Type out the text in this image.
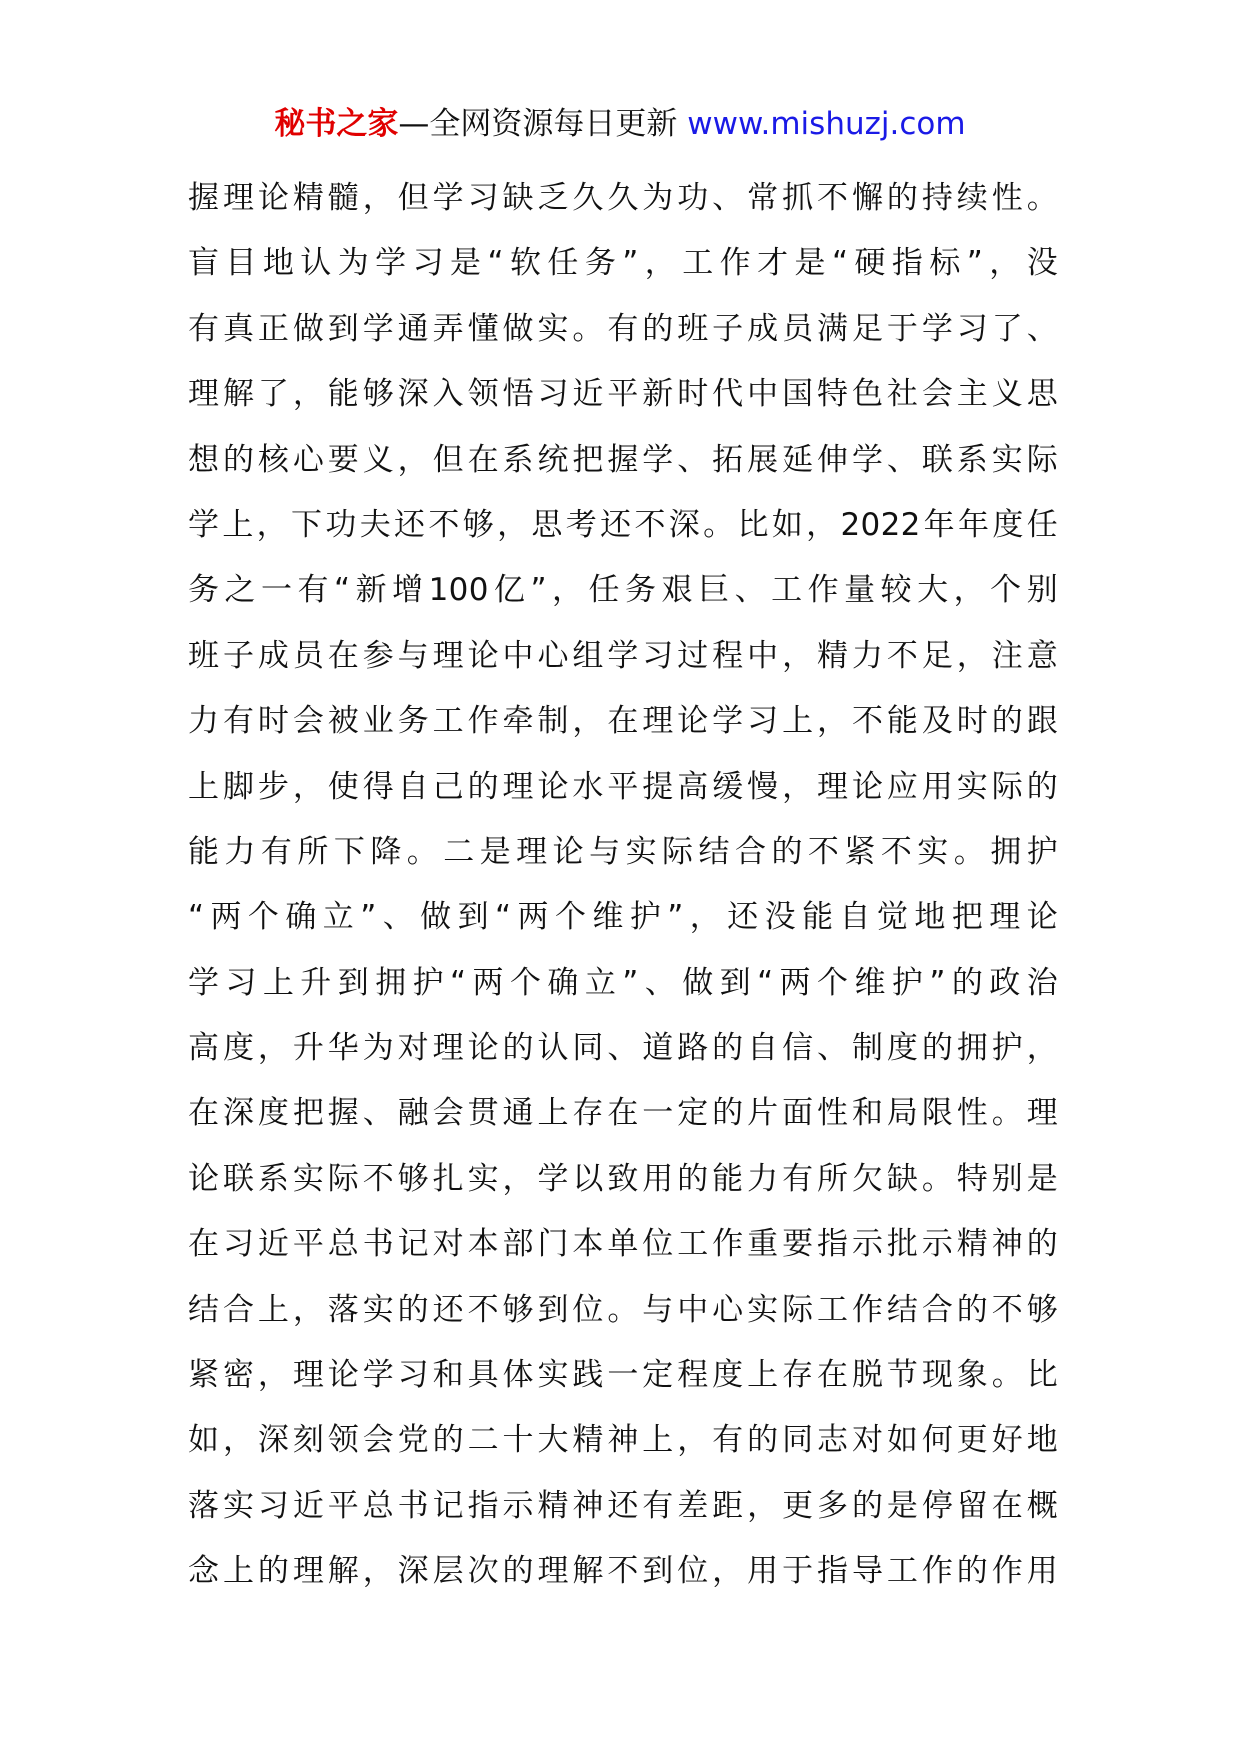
秘书之家—全网资源每日更新 www.mishuzj.com
握理论精髓，但学习缺乏久久为功、常抓不懈的持续性。
盲目地认为学习是“软任务”，工作才是“硬指标”，没
有真正做到学通弄懂做实。有的班子成员满足于学习了、
理解了，能够深入领悟习近平新时代中国特色社会主义思
想的核心要义，但在系统把握学、拓展延伸学、联系实际
学上，下功夫还不够，思考还不深。比如，2022年年度任
务之一有“新增100亿”，任务艰巨、工作量较大，个别
班子成员在参与理论中心组学习过程中，精力不足，注意
力有时会被业务工作牵制，在理论学习上，不能及时的跟
上脚步，使得自己的理论水平提高缓慢，理论应用实际的
能力有所下降。二是理论与实际结合的不紧不实。拥护
“两个确立”、做到“两个维护”，还没能自觉地把理论
学习上升到拥护“两个确立”、做到“两个维护”的政治
高度，升华为对理论的认同、道路的自信、制度的拥护，
在深度把握、融会贯通上存在一定的片面性和局限性。理
论联系实际不够扎实，学以致用的能力有所欠缺。特别是
在习近平总书记对本部门本单位工作重要指示批示精神的
结合上，落实的还不够到位。与中心实际工作结合的不够
紧密，理论学习和具体实践一定程度上存在脱节现象。比
如，深刻领会党的二十大精神上，有的同志对如何更好地
落实习近平总书记指示精神还有差距，更多的是停留在概
念上的理解，深层次的理解不到位，用于指导工作的作用
